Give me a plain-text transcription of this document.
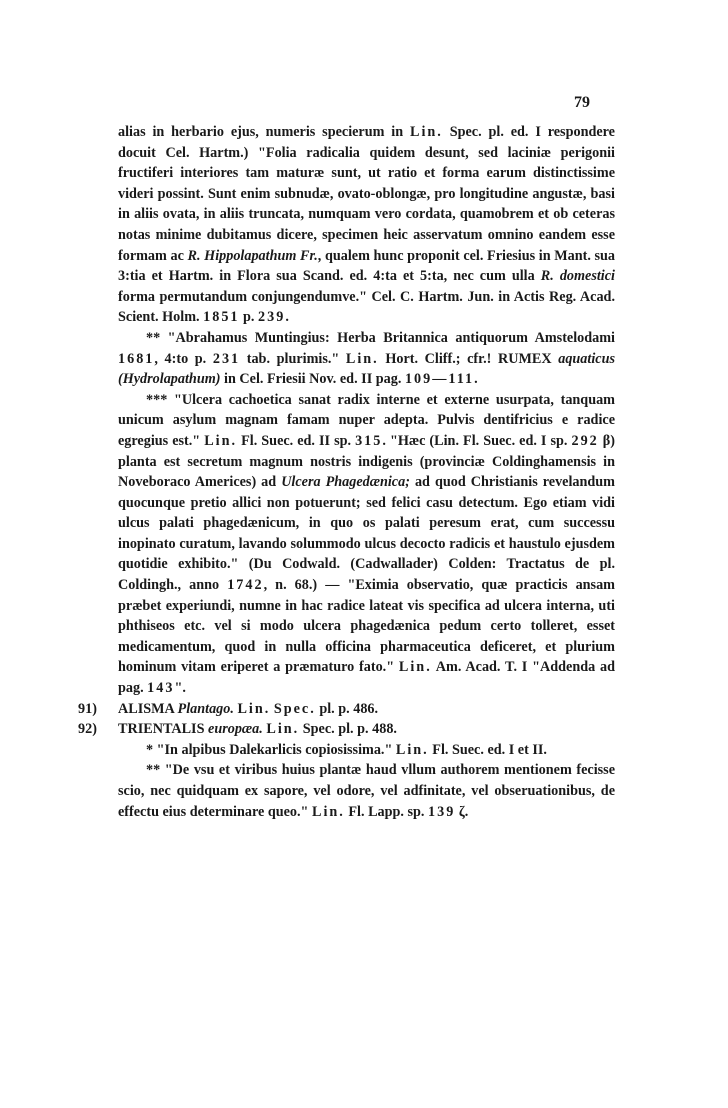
79

alias in herbario ejus, numeris specierum in Lin. Spec. pl. ed. I respondere docuit Cel. Hartm.) "Folia radicalia quidem desunt, sed laciniæ perigonii fructiferi interiores tam maturæ sunt, ut ratio et forma earum distinctissime videri possint. Sunt enim subnudæ, ovato-oblongæ, pro longitudine angustæ, basi in aliis ovata, in aliis truncata, numquam vero cordata, quamobrem et ob ceteras notas minime dubitamus dicere, specimen heic asservatum omnino eandem esse formam ac R. Hippolapathum Fr., qualem hunc proponit cel. Friesius in Mant. sua 3:tia et Hartm. in Flora sua Scand. ed. 4:ta et 5:ta, nec cum ulla R. domestici forma permutandum conjungendumve." Cel. C. Hartm. Jun. in Actis Reg. Acad. Scient. Holm. 1851 p. 239.

** "Abrahamus Muntingius: Herba Britannica antiquorum Amstelodami 1681, 4:to p. 231 tab. plurimis." Lin. Hort. Cliff.; cfr.! RUMEX aquaticus (Hydrolapathum) in Cel. Friesii Nov. ed. II pag. 109—111.

*** "Ulcera cachoetica sanat radix interne et externe usurpata, tanquam unicum asylum magnam famam nuper adepta. Pulvis dentifricius e radice egregius est." Lin. Fl. Suec. ed. II sp. 315. "Hæc (Lin. Fl. Suec. ed. I sp. 292 β) planta est secretum magnum nostris indigenis (provinciæ Coldinghamensis in Noveboraco Americes) ad Ulcera Phagedænica; ad quod Christianis revelandum quocunque pretio allici non potuerunt; sed felici casu detectum. Ego etiam vidi ulcus palati phagedænicum, in quo os palati peresum erat, cum successu inopinato curatum, lavando solummodo ulcus decocto radicis et haustulo ejusdem quotidie exhibito." (Du Codwald. (Cadwallader) Colden: Tractatus de pl. Coldingh., anno 1742, n. 68.) — "Eximia observatio, quæ practicis ansam præbet experiundi, numne in hac radice lateat vis specifica ad ulcera interna, uti phthiseos etc. vel si modo ulcera phagedænica pedum certo tolleret, esset medicamentum, quod in nulla officina pharmaceutica deficeret, et plurium hominum vitam eriperet a præmaturo fato." Lin. Am. Acad. T. I "Addenda ad pag. 143".

91) ALISMA Plantago. Lin. Spec. pl. p. 486.

92) TRIENTALIS europæa. Lin. Spec. pl. p. 488.

* "In alpibus Dalekarlicis copiosissima." Lin. Fl. Suec. ed. I et II.

** "De vsu et viribus huius plantæ haud vllum authorem mentionem fecisse scio, nec quidquam ex sapore, vel odore, vel adfinitate, vel obseruationibus, de effectu eius determinare queo." Lin. Fl. Lapp. sp. 139 ζ.
